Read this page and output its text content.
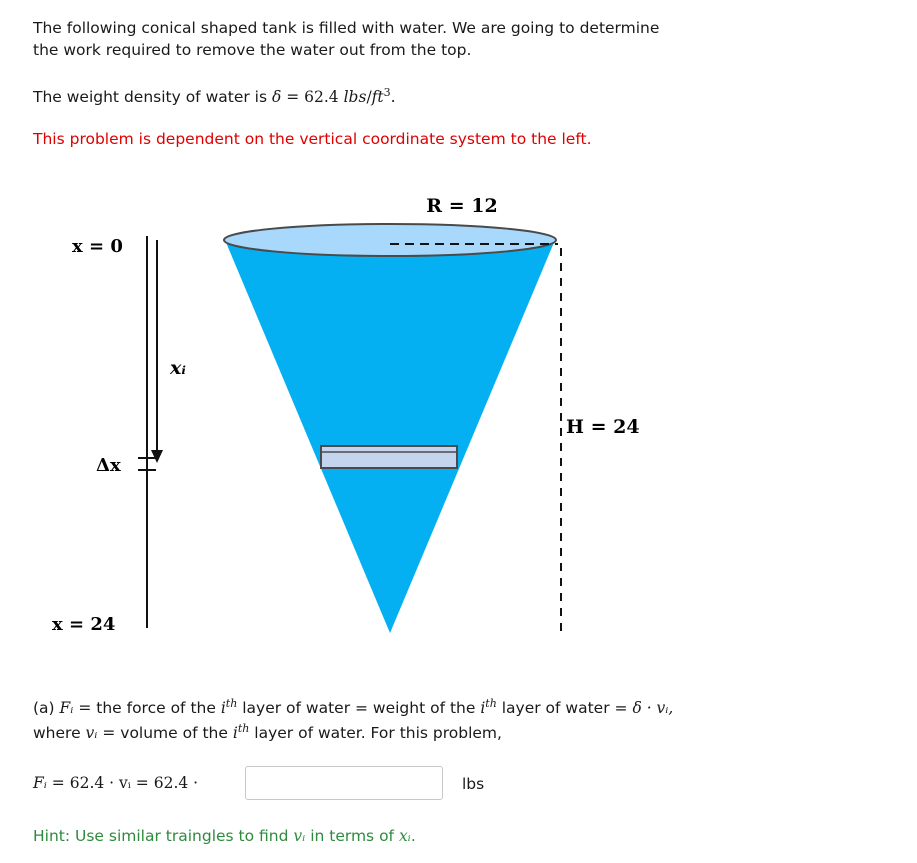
The following conical shaped tank is filled with water. We are going to determine
the work required to remove the water out from the top.
The weight density of water is δ = 62.4 lbs/$ft^3$.
This problem is dependent on the vertical coordinate system to the left.
R = 12
H = 24
x = 0
x = 24
xᵢ
Δx
(a) Fᵢ = the force of the $i^{th}$ layer of water = weight of the $i^{th}$ layer of water = δ · vᵢ,
where vᵢ = volume of the $i^{th}$ layer of water. For this problem,
Fᵢ = 62.4 · vᵢ = 62.4 ·	lbs
Hint: Use similar traingles to find vᵢ in terms of xᵢ.
